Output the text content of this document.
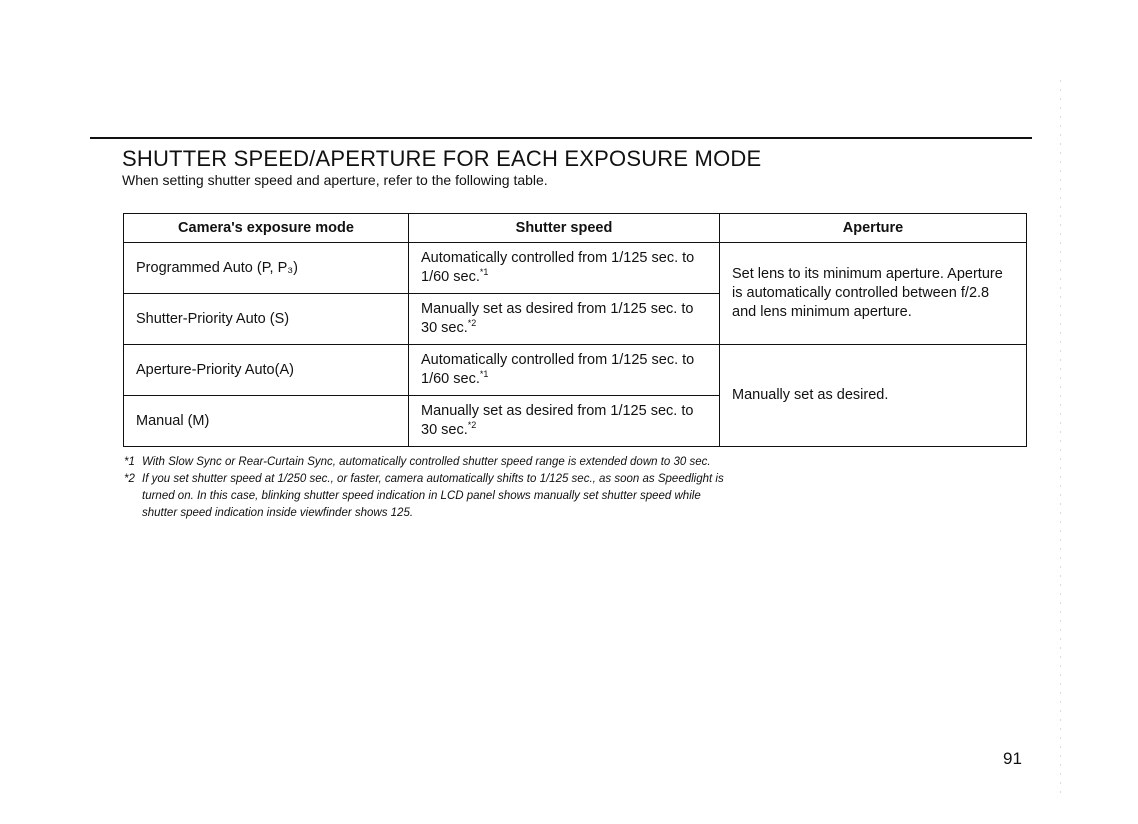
SHUTTER SPEED/APERTURE FOR EACH EXPOSURE MODE
When setting shutter speed and aperture, refer to the following table.
Camera's exposure mode	Shutter speed	Aperture
Programmed Auto (P, P₃)	Automatically controlled from 1/125 sec. to 1/60 sec.$^{*1}$	Set lens to its minimum aperture. Aperture is automatically controlled between f/2.8 and lens minimum aperture.
Shutter-Priority Auto (S)	Manually set as desired from 1/125 sec. to 30 sec.$^{*2}$
Aperture-Priority Auto(A)	Automatically controlled from 1/125 sec. to 1/60 sec.$^{*1}$	Manually set as desired.
Manual (M)	Manually set as desired from 1/125 sec. to 30 sec.$^{*2}$
*1 With Slow Sync or Rear-Curtain Sync, automatically controlled shutter speed range is extended down to 30 sec.
*2 If you set shutter speed at 1/250 sec., or faster, camera automatically shifts to 1/125 sec., as soon as Speedlight is turned on. In this case, blinking shutter speed indication in LCD panel shows manually set shutter speed while shutter speed indication inside viewfinder shows 125.
91
